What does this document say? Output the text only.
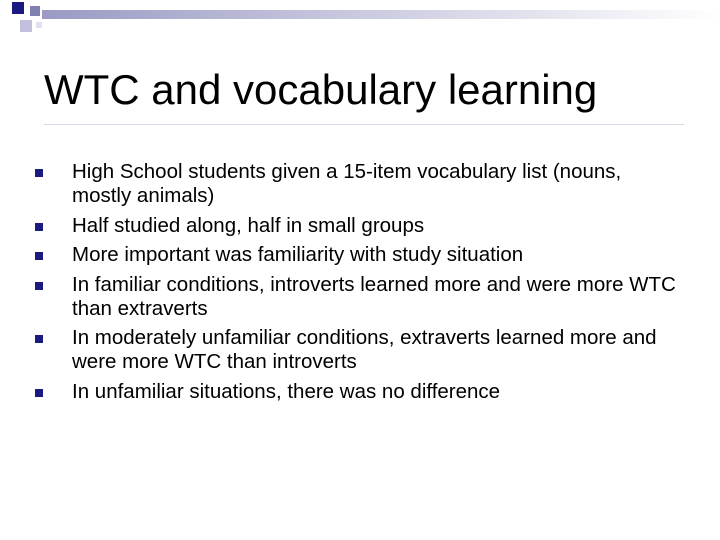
WTC and vocabulary learning
High School students given a 15-item vocabulary list (nouns, mostly animals)
Half studied along, half in small groups
More important was familiarity with study situation
In familiar conditions, introverts learned more and were more WTC than extraverts
In moderately unfamiliar conditions, extraverts learned more and were more WTC than introverts
In unfamiliar situations, there was no difference
